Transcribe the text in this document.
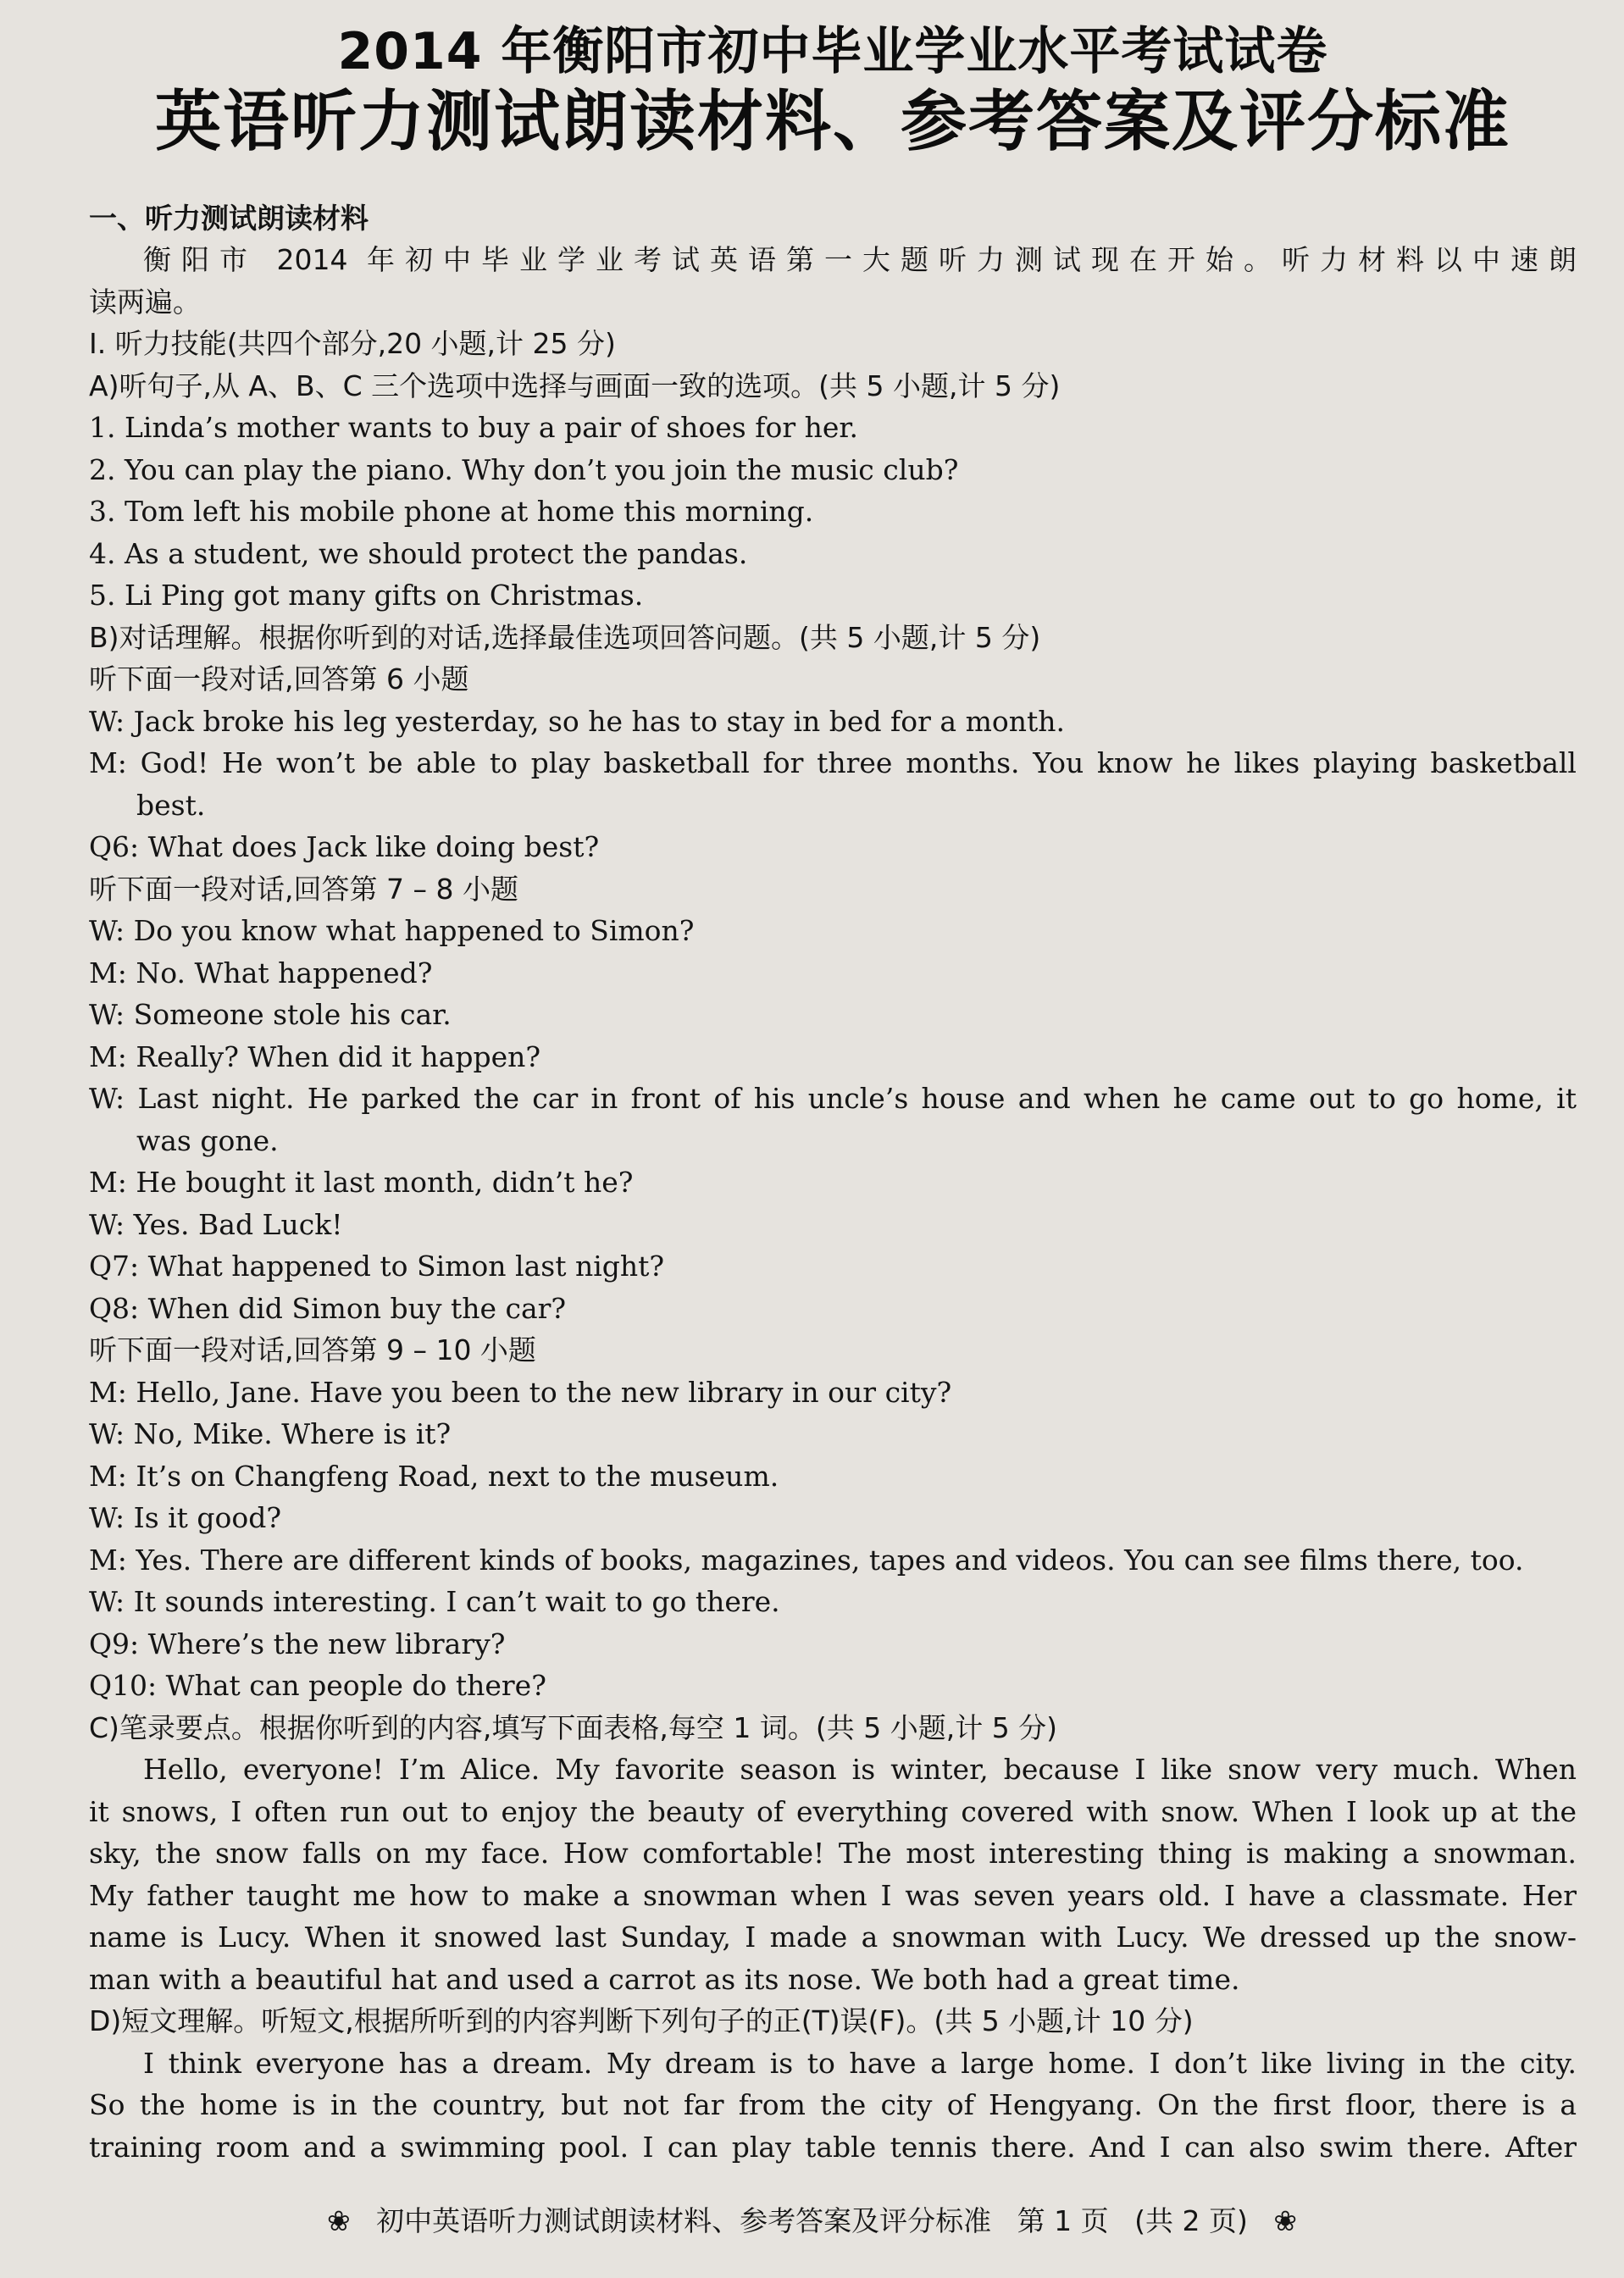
2014 年衡阳市初中毕业学业水平考试试卷
英语听力测试朗读材料、参考答案及评分标准
一、听力测试朗读材料
衡阳市 2014 年初中毕业学业考试英语第一大题听力测试现在开始。听力材料以中速朗
读两遍。
Ⅰ. 听力技能(共四个部分,20 小题,计 25 分)
A)听句子,从 A、B、C 三个选项中选择与画面一致的选项。(共 5 小题,计 5 分)
1. Linda’s mother wants to buy a pair of shoes for her.
2. You can play the piano. Why don’t you join the music club?
3. Tom left his mobile phone at home this morning.
4. As a student, we should protect the pandas.
5. Li Ping got many gifts on Christmas.
B)对话理解。根据你听到的对话,选择最佳选项回答问题。(共 5 小题,计 5 分)
听下面一段对话,回答第 6 小题
W: Jack broke his leg yesterday, so he has to stay in bed for a month.
M: God! He won’t be able to play basketball for three months. You know he likes playing basketball
best.
Q6: What does Jack like doing best?
听下面一段对话,回答第 7 – 8 小题
W: Do you know what happened to Simon?
M: No. What happened?
W: Someone stole his car.
M: Really? When did it happen?
W: Last night. He parked the car in front of his uncle’s house and when he came out to go home, it
was gone.
M: He bought it last month, didn’t he?
W: Yes. Bad Luck!
Q7: What happened to Simon last night?
Q8: When did Simon buy the car?
听下面一段对话,回答第 9 – 10 小题
M: Hello, Jane. Have you been to the new library in our city?
W: No, Mike. Where is it?
M: It’s on Changfeng Road, next to the museum.
W: Is it good?
M: Yes. There are different kinds of books, magazines, tapes and videos. You can see films there, too.
W: It sounds interesting. I can’t wait to go there.
Q9: Where’s the new library?
Q10: What can people do there?
C)笔录要点。根据你听到的内容,填写下面表格,每空 1 词。(共 5 小题,计 5 分)
Hello, everyone! I’m Alice. My favorite season is winter, because I like snow very much. When
it snows, I often run out to enjoy the beauty of everything covered with snow. When I look up at the
sky, the snow falls on my face. How comfortable! The most interesting thing is making a snowman.
My father taught me how to make a snowman when I was seven years old. I have a classmate. Her
name is Lucy. When it snowed last Sunday, I made a snowman with Lucy. We dressed up the snow-
man with a beautiful hat and used a carrot as its nose. We both had a great time.
D)短文理解。听短文,根据所听到的内容判断下列句子的正(T)误(F)。(共 5 小题,计 10 分)
I think everyone has a dream. My dream is to have a large home. I don’t like living in the city.
So the home is in the country, but not far from the city of Hengyang. On the first floor, there is a
training room and a swimming pool. I can play table tennis there. And I can also swim there. After
❀ 初中英语听力测试朗读材料、参考答案及评分标准 第 1 页 (共 2 页) ❀
